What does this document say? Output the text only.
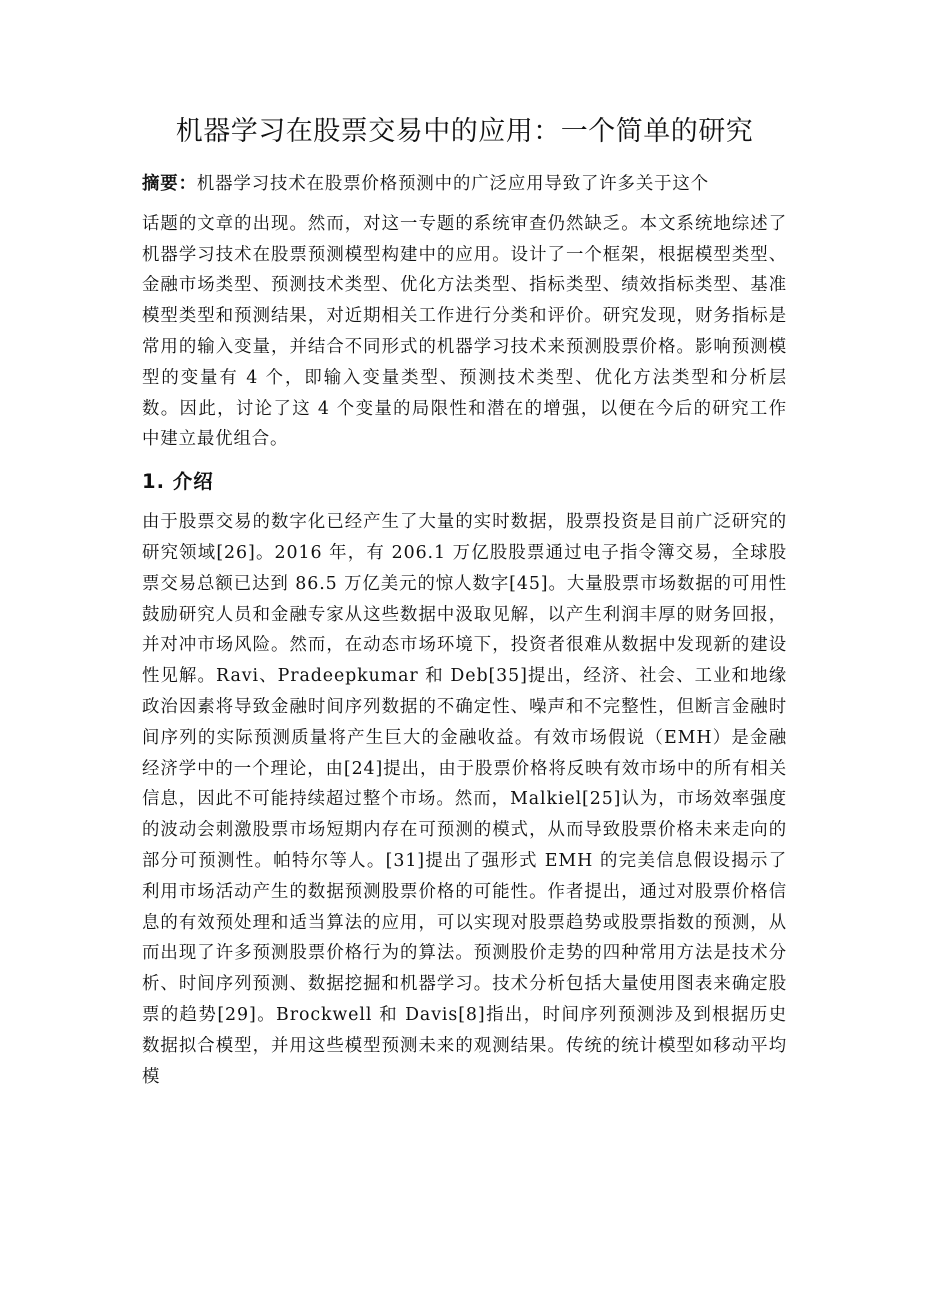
机器学习在股票交易中的应用：一个简单的研究

摘要：机器学习技术在股票价格预测中的广泛应用导致了许多关于这个
话题的文章的出现。然而，对这一专题的系统审查仍然缺乏。本文系统地综述了机器学习技术在股票预测模型构建中的应用。设计了一个框架，根据模型类型、金融市场类型、预测技术类型、优化方法类型、指标类型、绩效指标类型、基准模型类型和预测结果，对近期相关工作进行分类和评价。研究发现，财务指标是常用的输入变量，并结合不同形式的机器学习技术来预测股票价格。影响预测模型的变量有 4 个，即输入变量类型、预测技术类型、优化方法类型和分析层数。因此，讨论了这 4 个变量的局限性和潜在的增强，以便在今后的研究工作中建立最优组合。

1. 介绍

由于股票交易的数字化已经产生了大量的实时数据，股票投资是目前广泛研究的研究领域[26]。2016 年，有 206.1 万亿股股票通过电子指令簿交易，全球股票交易总额已达到 86.5 万亿美元的惊人数字[45]。大量股票市场数据的可用性鼓励研究人员和金融专家从这些数据中汲取见解，以产生利润丰厚的财务回报，并对冲市场风险。然而，在动态市场环境下，投资者很难从数据中发现新的建设性见解。Ravi、Pradeepkumar 和 Deb[35]提出，经济、社会、工业和地缘政治因素将导致金融时间序列数据的不确定性、噪声和不完整性，但断言金融时间序列的实际预测质量将产生巨大的金融收益。有效市场假说（EMH）是金融经济学中的一个理论，由[24]提出，由于股票价格将反映有效市场中的所有相关信息，因此不可能持续超过整个市场。然而，Malkiel[25]认为，市场效率强度的波动会刺激股票市场短期内存在可预测的模式，从而导致股票价格未来走向的部分可预测性。帕特尔等人。[31]提出了强形式 EMH 的完美信息假设揭示了利用市场活动产生的数据预测股票价格的可能性。作者提出，通过对股票价格信息的有效预处理和适当算法的应用，可以实现对股票趋势或股票指数的预测，从而出现了许多预测股票价格行为的算法。预测股价走势的四种常用方法是技术分析、时间序列预测、数据挖掘和机器学习。技术分析包括大量使用图表来确定股票的趋势[29]。Brockwell 和 Davis[8]指出，时间序列预测涉及到根据历史数据拟合模型，并用这些模型预测未来的观测结果。传统的统计模型如移动平均模
